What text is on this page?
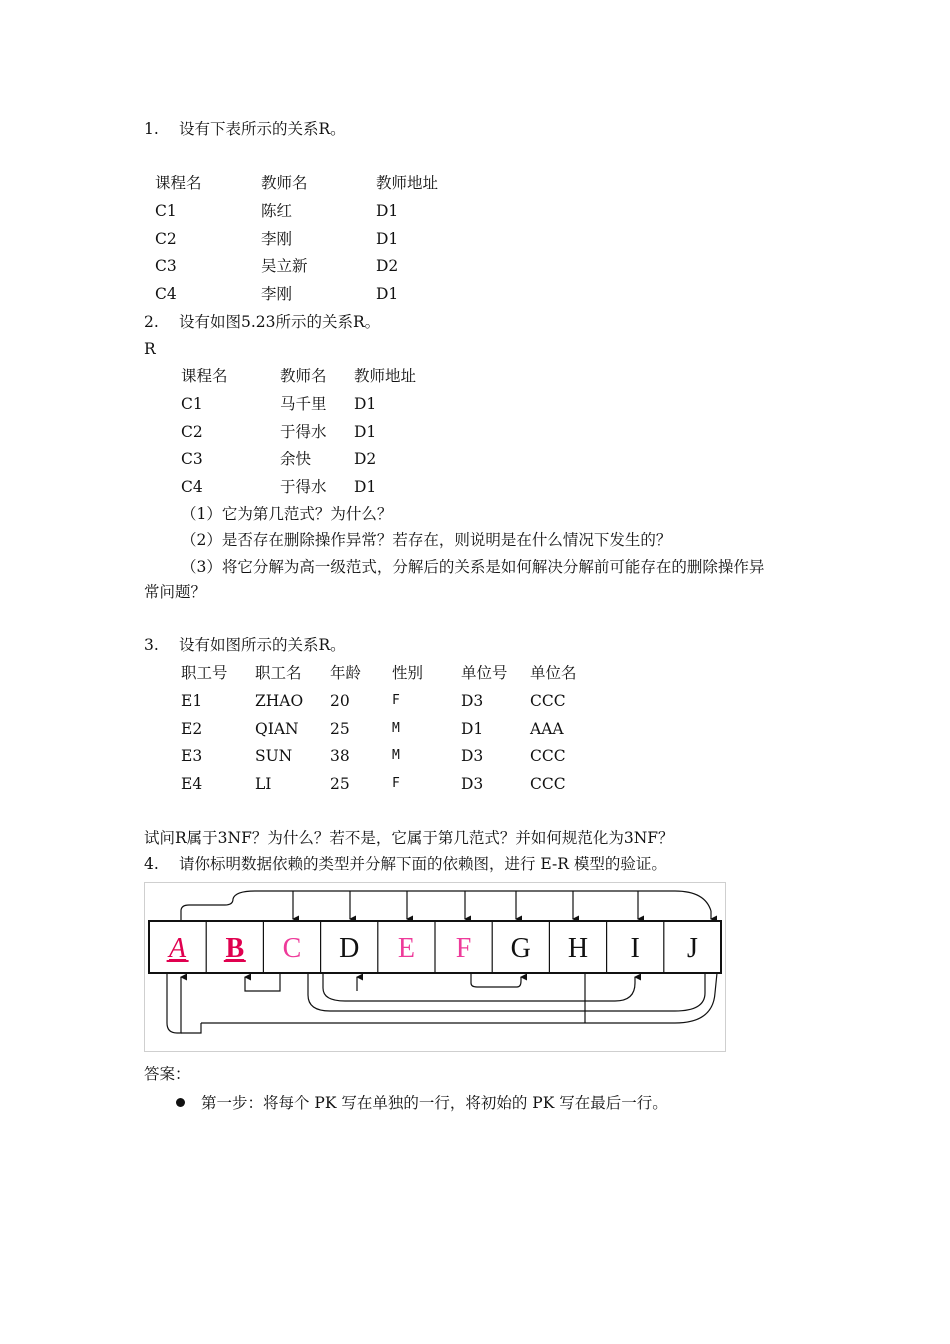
1. 设有下表所示的关系R。
课程名	教师名	教师地址
C1	陈红	D1
C2	李刚	D1
C3	吴立新	D2
C4	李刚	D1
2. 设有如图5.23所示的关系R。
R
课程名	教师名 教师地址
C1	马千里 D1
C2	于得水 D1
C3	余快	D2
C4	于得水 D1
（1）它为第几范式？为什么？
（2）是否存在删除操作异常？若存在，则说明是在什么情况下发生的？
（3）将它分解为高一级范式，分解后的关系是如何解决分解前可能存在的删除操作异
常问题？
3. 设有如图所示的关系R。
职工号 职工名 年龄 性别 单位号 单位名
E1	ZHAO 20	F	D3	CCC
E2	QIAN 25	M	D1	AAA
E3	SUN 38	M	D3	CCC
E4	LI	25	F	D3	CCC
试问R属于3NF？为什么？若不是，它属于第几范式？并如何规范化为3NF？
4. 请你标明数据依赖的类型并分解下面的依赖图，进行 E-R 模型的验证。
A B C D E F G H I J
答案：
第一步：将每个 PK 写在单独的一行，将初始的 PK 写在最后一行。
